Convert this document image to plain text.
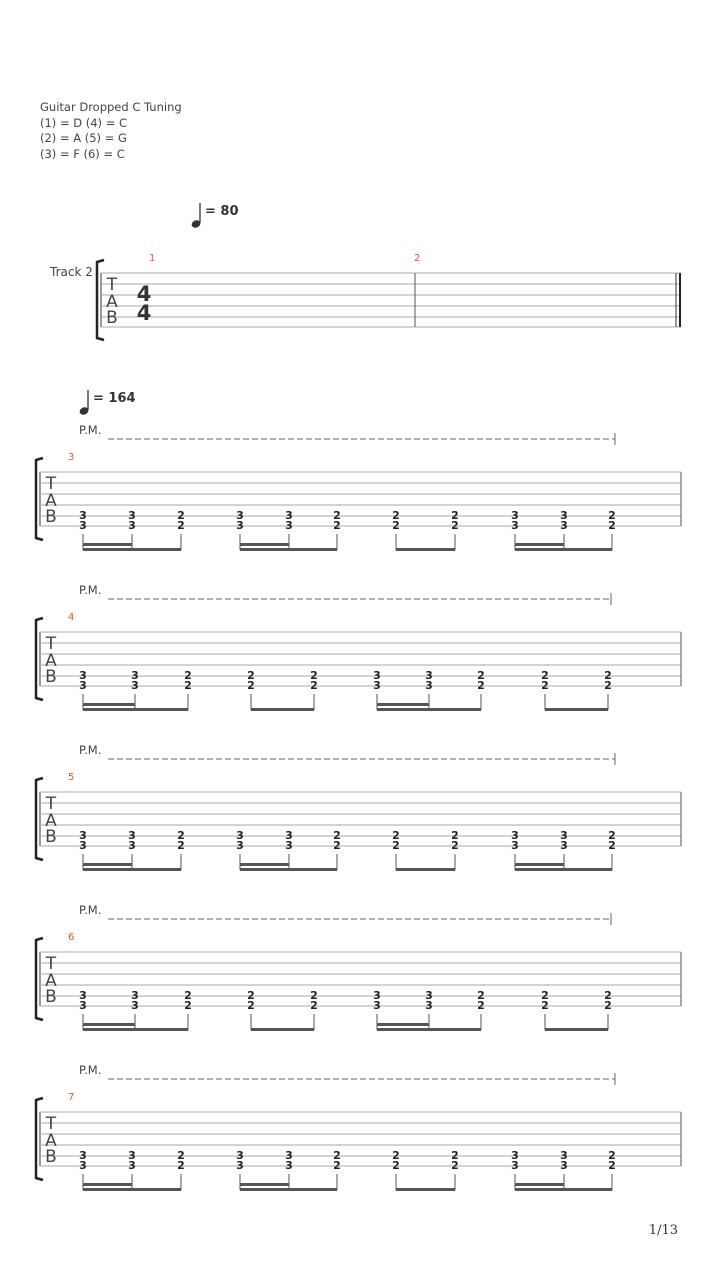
Guitar Dropped C Tuning
(1) = D (4) = C
(2) = A (5) = G
(3) = F (6) = C
= 80
Track 2
T
A
B
4
4
1	2
= 164
P.M.
3
T
A
B 3
3
3
3
2
2
3
3
3
3
2
2
2
2
2
2
3
3
3
3
2
2
P.M.
4
T
A
B 3
3
3
3
2
2
2
2
2
2
3
3
3
3
2
2
2
2
2
2
P.M.
5
T
A
B 3
3
3
3
2
2
3
3
3
3
2
2
2
2
2
2
3
3
3
3
2
2
P.M.
6
T
A
B 3
3
3
3
2
2
2
2
2
2
3
3
3
3
2
2
2
2
2
2
P.M.
7
T
A
B 3
3
3
3
2
2
3
3
3
3
2
2
2
2
2
2
3
3
3
3
2
2
1/13
